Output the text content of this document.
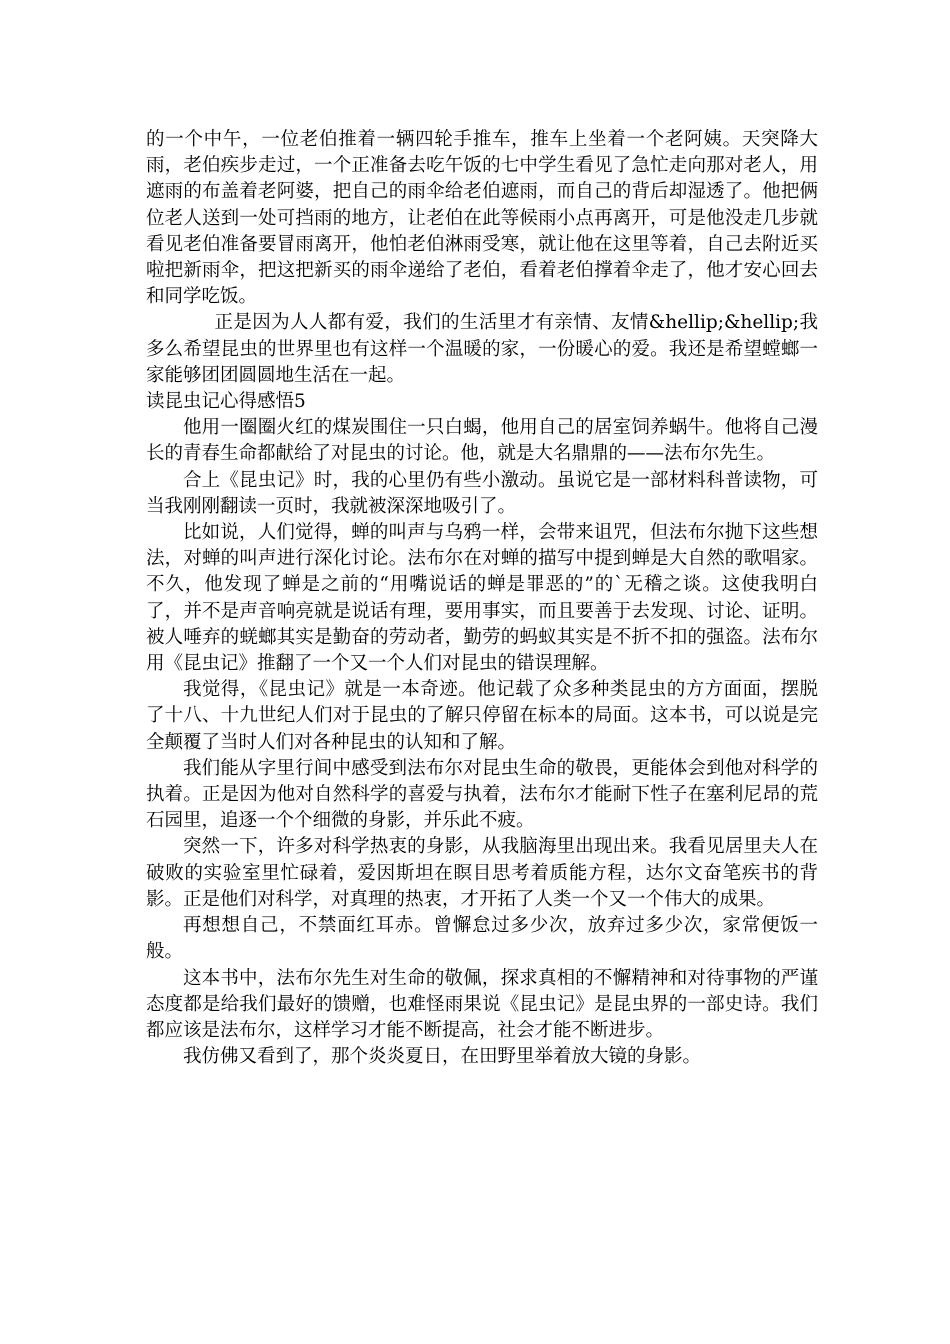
的一个中午，一位老伯推着一辆四轮手推车，推车上坐着一个老阿姨。天突降大雨，老伯疾步走过，一个正准备去吃午饭的七中学生看见了急忙走向那对老人，用遮雨的布盖着老阿婆，把自己的雨伞给老伯遮雨，而自己的背后却湿透了。他把俩位老人送到一处可挡雨的地方，让老伯在此等候雨小点再离开，可是他没走几步就看见老伯准备要冒雨离开，他怕老伯淋雨受寒，就让他在这里等着，自己去附近买啦把新雨伞，把这把新买的雨伞递给了老伯，看着老伯撑着伞走了，他才安心回去和同学吃饭。

正是因为人人都有爱，我们的生活里才有亲情、友情&hellip;&hellip;我多么希望昆虫的世界里也有这样一个温暖的家，一份暖心的爱。我还是希望螳螂一家能够团团圆圆地生活在一起。

读昆虫记心得感悟5

他用一圈圈火红的煤炭围住一只白蝎，他用自己的居室饲养蜗牛。他将自己漫长的青春生命都献给了对昆虫的讨论。他，就是大名鼎鼎的——法布尔先生。

合上《昆虫记》时，我的心里仍有些小激动。虽说它是一部材料科普读物，可当我刚刚翻读一页时，我就被深深地吸引了。

比如说，人们觉得，蝉的叫声与乌鸦一样，会带来诅咒，但法布尔抛下这些想法，对蝉的叫声进行深化讨论。法布尔在对蝉的描写中提到蝉是大自然的歌唱家。不久，他发现了蝉是之前的“用嘴说话的蝉是罪恶的”的`无稽之谈。这使我明白了，并不是声音响亮就是说话有理，要用事实，而且要善于去发现、讨论、证明。被人唾弃的蜣螂其实是勤奋的劳动者，勤劳的蚂蚁其实是不折不扣的强盗。法布尔用《昆虫记》推翻了一个又一个人们对昆虫的错误理解。

我觉得，《昆虫记》就是一本奇迹。他记载了众多种类昆虫的方方面面，摆脱了十八、十九世纪人们对于昆虫的了解只停留在标本的局面。这本书，可以说是完全颠覆了当时人们对各种昆虫的认知和了解。

我们能从字里行间中感受到法布尔对昆虫生命的敬畏，更能体会到他对科学的执着。正是因为他对自然科学的喜爱与执着，法布尔才能耐下性子在塞利尼昂的荒石园里，追逐一个个细微的身影，并乐此不疲。

突然一下，许多对科学热衷的身影，从我脑海里出现出来。我看见居里夫人在破败的实验室里忙碌着，爱因斯坦在瞑目思考着质能方程，达尔文奋笔疾书的背影。正是他们对科学，对真理的热衷，才开拓了人类一个又一个伟大的成果。

再想想自己，不禁面红耳赤。曾懈怠过多少次，放弃过多少次，家常便饭一般。

这本书中，法布尔先生对生命的敬佩，探求真相的不懈精神和对待事物的严谨态度都是给我们最好的馈赠，也难怪雨果说《昆虫记》是昆虫界的一部史诗。我们都应该是法布尔，这样学习才能不断提高，社会才能不断进步。

我仿佛又看到了，那个炎炎夏日，在田野里举着放大镜的身影。
